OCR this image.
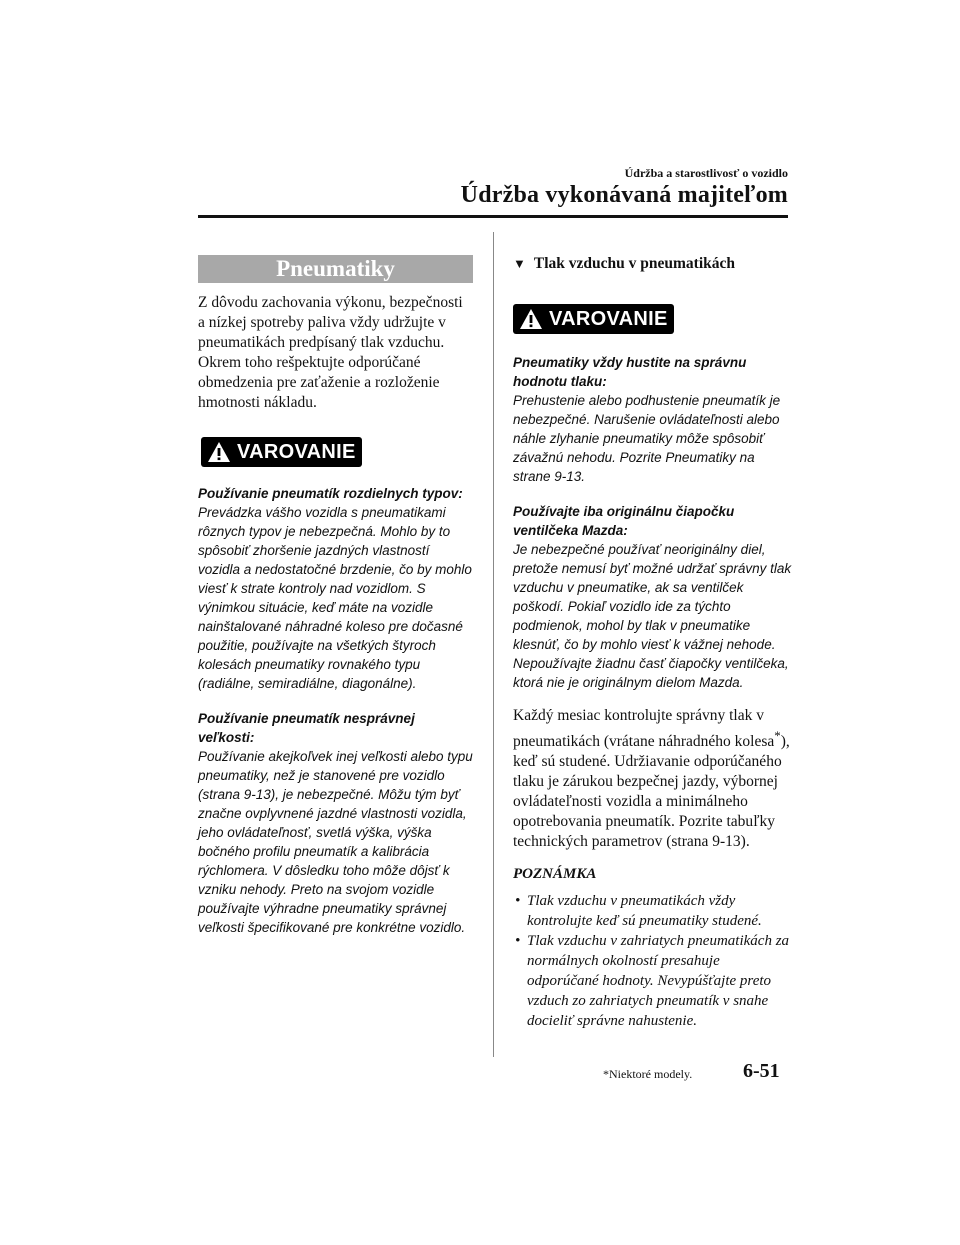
Údržba a starostlivosť o vozidlo
Údržba vykonávaná majiteľom
Pneumatiky

Z dôvodu zachovania výkonu, bezpečnosti a nízkej spotreby paliva vždy udržujte v pneumatikách predpísaný tlak vzduchu. Okrem toho rešpektujte odporúčané obmedzenia pre zaťaženie a rozloženie hmotnosti nákladu.

VAROVANIE
Používanie pneumatík rozdielnych typov:
Prevádzka vášho vozidla s pneumatikami rôznych typov je nebezpečná. Mohlo by to spôsobiť zhoršenie jazdných vlastností vozidla a nedostatočné brzdenie, čo by mohlo viesť k strate kontroly nad vozidlom. S výnimkou situácie, keď máte na vozidle nainštalované náhradné koleso pre dočasné použitie, používajte na všetkých štyroch kolesách pneumatiky rovnakého typu (radiálne, semiradiálne, diagonálne).
Používanie pneumatík nesprávnej veľkosti:
Používanie akejkoľvek inej veľkosti alebo typu pneumatiky, než je stanovené pre vozidlo (strana 9-13), je nebezpečné. Môžu tým byť značne ovplyvnené jazdné vlastnosti vozidla, jeho ovládateľnosť, svetlá výška, výška bočného profilu pneumatík a kalibrácia rýchlomera. V dôsledku toho môže dôjsť k vzniku nehody. Preto na svojom vozidle používajte výhradne pneumatiky správnej veľkosti špecifikované pre konkrétne vozidlo.
▼ Tlak vzduchu v pneumatikách
VAROVANIE
Pneumatiky vždy hustite na správnu hodnotu tlaku:
Prehustenie alebo podhustenie pneumatík je nebezpečné. Narušenie ovládateľnosti alebo náhle zlyhanie pneumatiky môže spôsobiť závažnú nehodu. Pozrite Pneumatiky na strane 9-13.
Používajte iba originálnu čiapočku ventilčeka Mazda:
Je nebezpečné používať neoriginálny diel, pretože nemusí byť možné udržať správny tlak vzduchu v pneumatike, ak sa ventilček poškodí. Pokiaľ vozidlo ide za týchto podmienok, mohol by tlak v pneumatike klesnúť, čo by mohlo viesť k vážnej nehode. Nepoužívajte žiadnu časť čiapočky ventilčeka, ktorá nie je originálnym dielom Mazda.

Každý mesiac kontrolujte správny tlak v pneumatikách (vrátane náhradného kolesa*), keď sú studené. Udržiavanie odporúčaného tlaku je zárukou bezpečnej jazdy, výbornej ovládateľnosti vozidla a minimálneho opotrebovania pneumatík. Pozrite tabuľky technických parametrov (strana 9-13).

POZNÁMKA
• Tlak vzduchu v pneumatikách vždy kontrolujte keď sú pneumatiky studené.
• Tlak vzduchu v zahriatych pneumatikách za normálnych okolností presahuje odporúčané hodnoty. Nevypúšťajte preto vzduch zo zahriatych pneumatík v snahe docieliť správne nahustenie.
*Niektoré modely.	6-51
